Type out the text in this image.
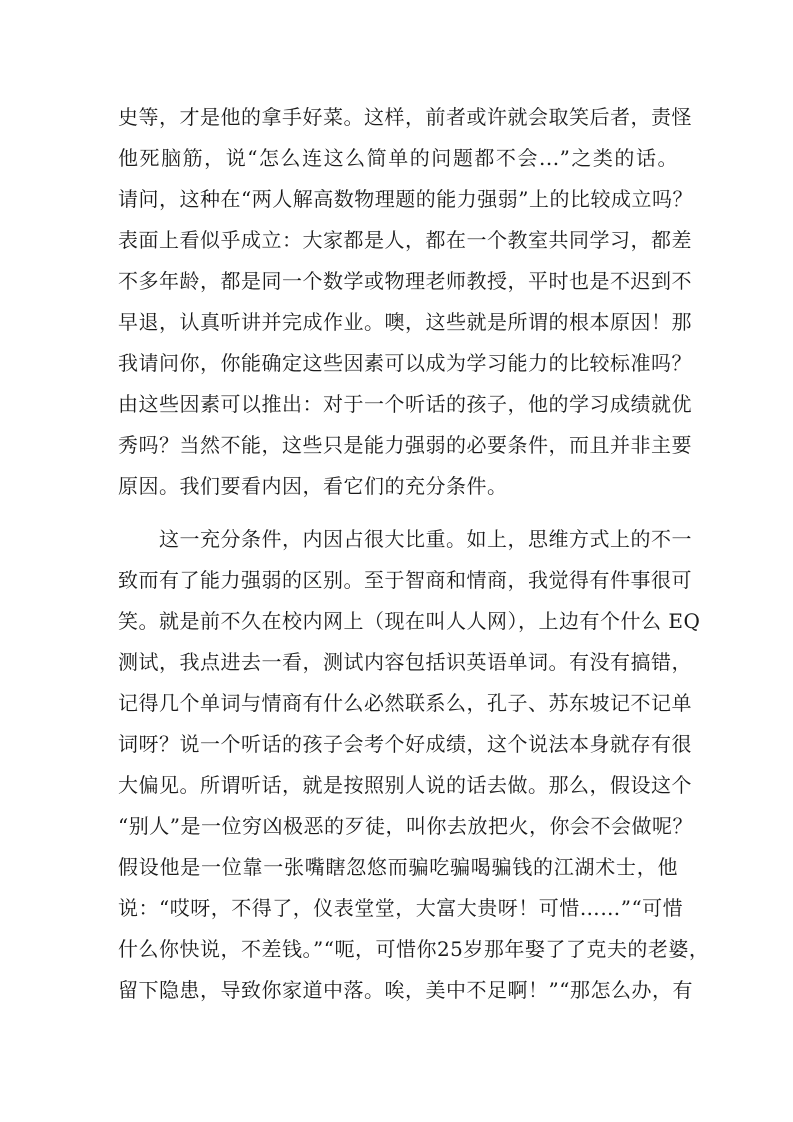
史等，才是他的拿手好菜。这样，前者或许就会取笑后者，责怪
他死脑筋，说“怎么连这么简单的问题都不会...”之类的话。
请问，这种在“两人解高数物理题的能力强弱”上的比较成立吗？
表面上看似乎成立：大家都是人，都在一个教室共同学习，都差
不多年龄，都是同一个数学或物理老师教授，平时也是不迟到不
早退，认真听讲并完成作业。噢，这些就是所谓的根本原因！那
我请问你，你能确定这些因素可以成为学习能力的比较标准吗？
由这些因素可以推出：对于一个听话的孩子，他的学习成绩就优
秀吗？当然不能，这些只是能力强弱的必要条件，而且并非主要
原因。我们要看内因，看它们的充分条件。
　　这一充分条件，内因占很大比重。如上，思维方式上的不一
致而有了能力强弱的区别。至于智商和情商，我觉得有件事很可
笑。就是前不久在校内网上（现在叫人人网），上边有个什么 EQ
测试，我点进去一看，测试内容包括识英语单词。有没有搞错，
记得几个单词与情商有什么必然联系么，孔子、苏东坡记不记单
词呀？说一个听话的孩子会考个好成绩，这个说法本身就存有很
大偏见。所谓听话，就是按照别人说的话去做。那么，假设这个
“别人”是一位穷凶极恶的歹徒，叫你去放把火，你会不会做呢？
假设他是一位靠一张嘴瞎忽悠而骗吃骗喝骗钱的江湖术士，他
说：“哎呀，不得了，仪表堂堂，大富大贵呀！可惜……”“可惜
什么你快说，不差钱。”“呃，可惜你25岁那年娶了了克夫的老婆，
留下隐患，导致你家道中落。唉，美中不足啊！”“那怎么办，有
